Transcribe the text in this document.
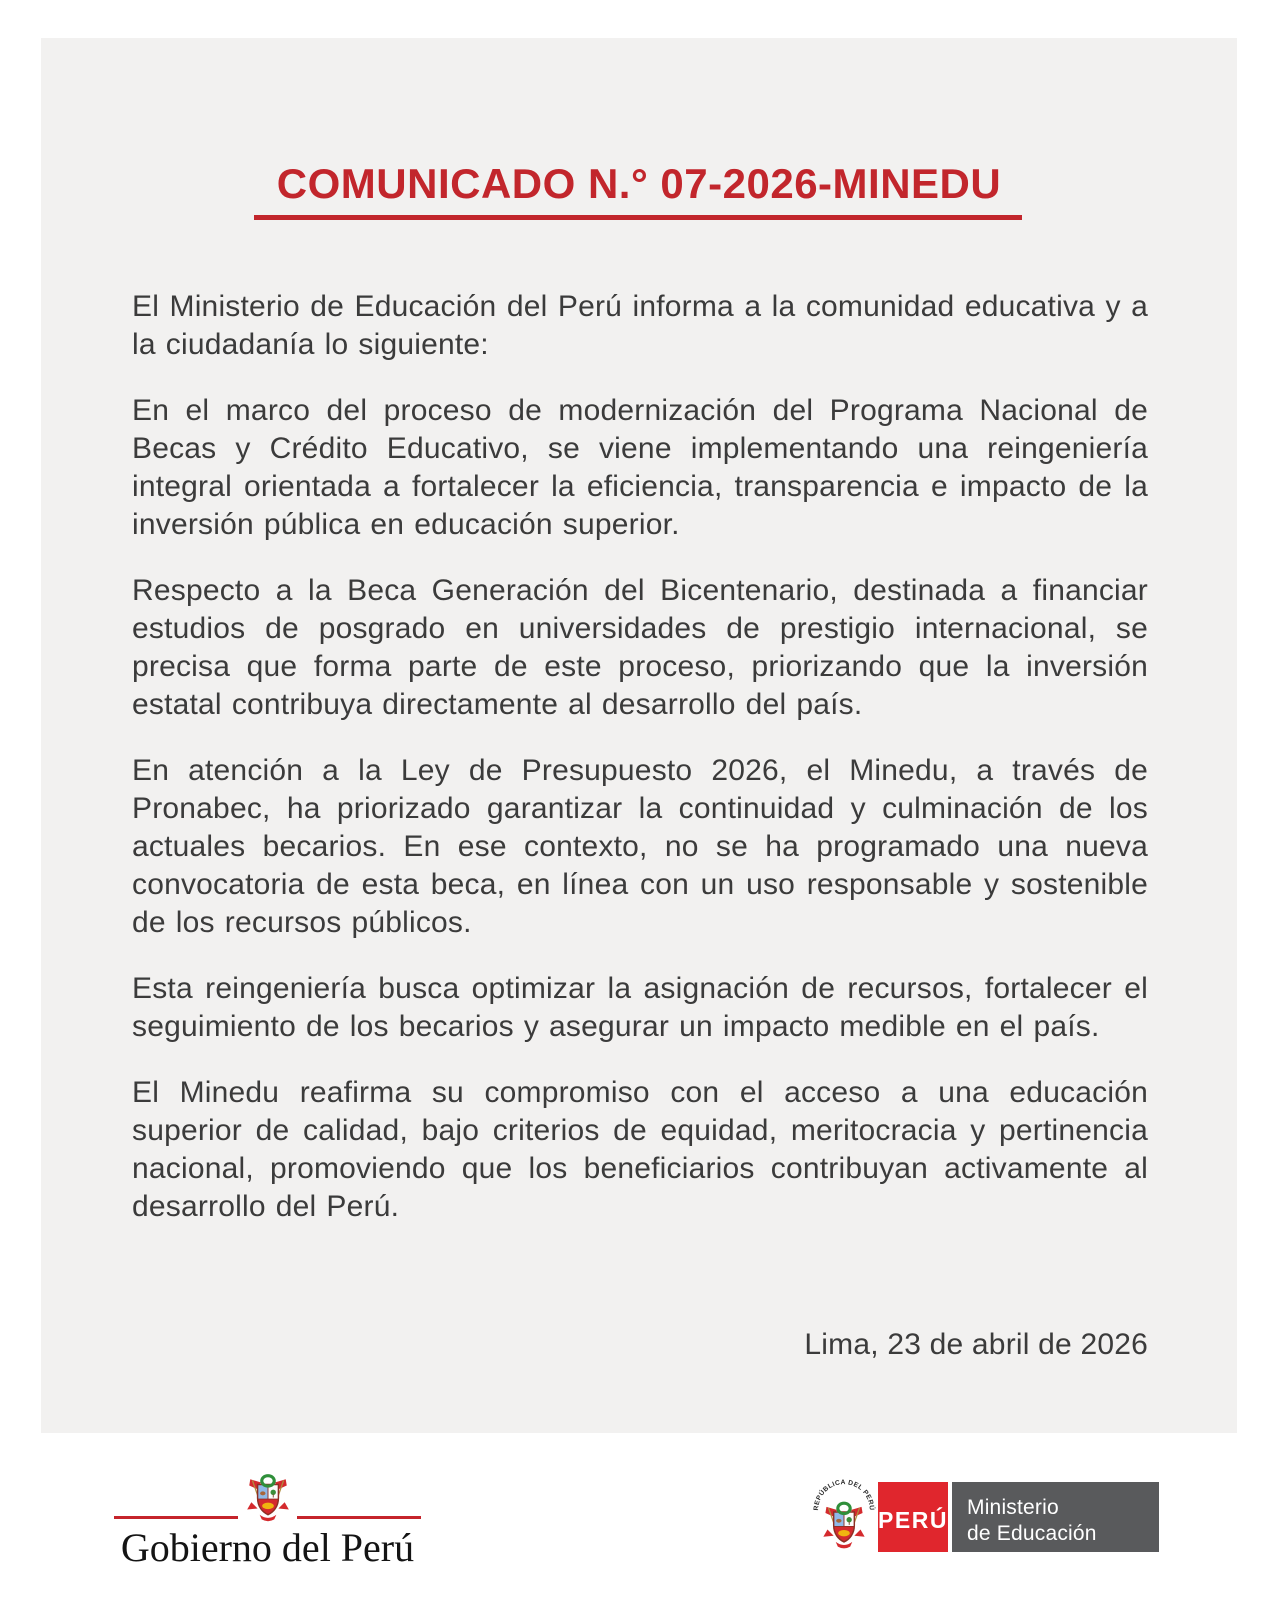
COMUNICADO N.° 07-2026-MINEDU

El Ministerio de Educación del Perú informa a la comunidad educativa y a la ciudadanía lo siguiente:

En el marco del proceso de modernización del Programa Nacional de Becas y Crédito Educativo, se viene implementando una reingeniería integral orientada a fortalecer la eficiencia, transparencia e impacto de la inversión pública en educación superior.

Respecto a la Beca Generación del Bicentenario, destinada a financiar estudios de posgrado en universidades de prestigio internacional, se precisa que forma parte de este proceso, priorizando que la inversión estatal contribuya directamente al desarrollo del país.

En atención a la Ley de Presupuesto 2026, el Minedu, a través de Pronabec, ha priorizado garantizar la continuidad y culminación de los actuales becarios. En ese contexto, no se ha programado una nueva convocatoria de esta beca, en línea con un uso responsable y sostenible de los recursos públicos.

Esta reingeniería busca optimizar la asignación de recursos, fortalecer el seguimiento de los becarios y asegurar un impacto medible en el país.

El Minedu reafirma su compromiso con el acceso a una educación superior de calidad, bajo criterios de equidad, meritocracia y pertinencia nacional, promoviendo que los beneficiarios contribuyan activamente al desarrollo del Perú.

Lima, 23 de abril de 2026
Gobierno del Perú
REPÚBLICA DEL PERÚ PERÚ Ministerio
de Educación
